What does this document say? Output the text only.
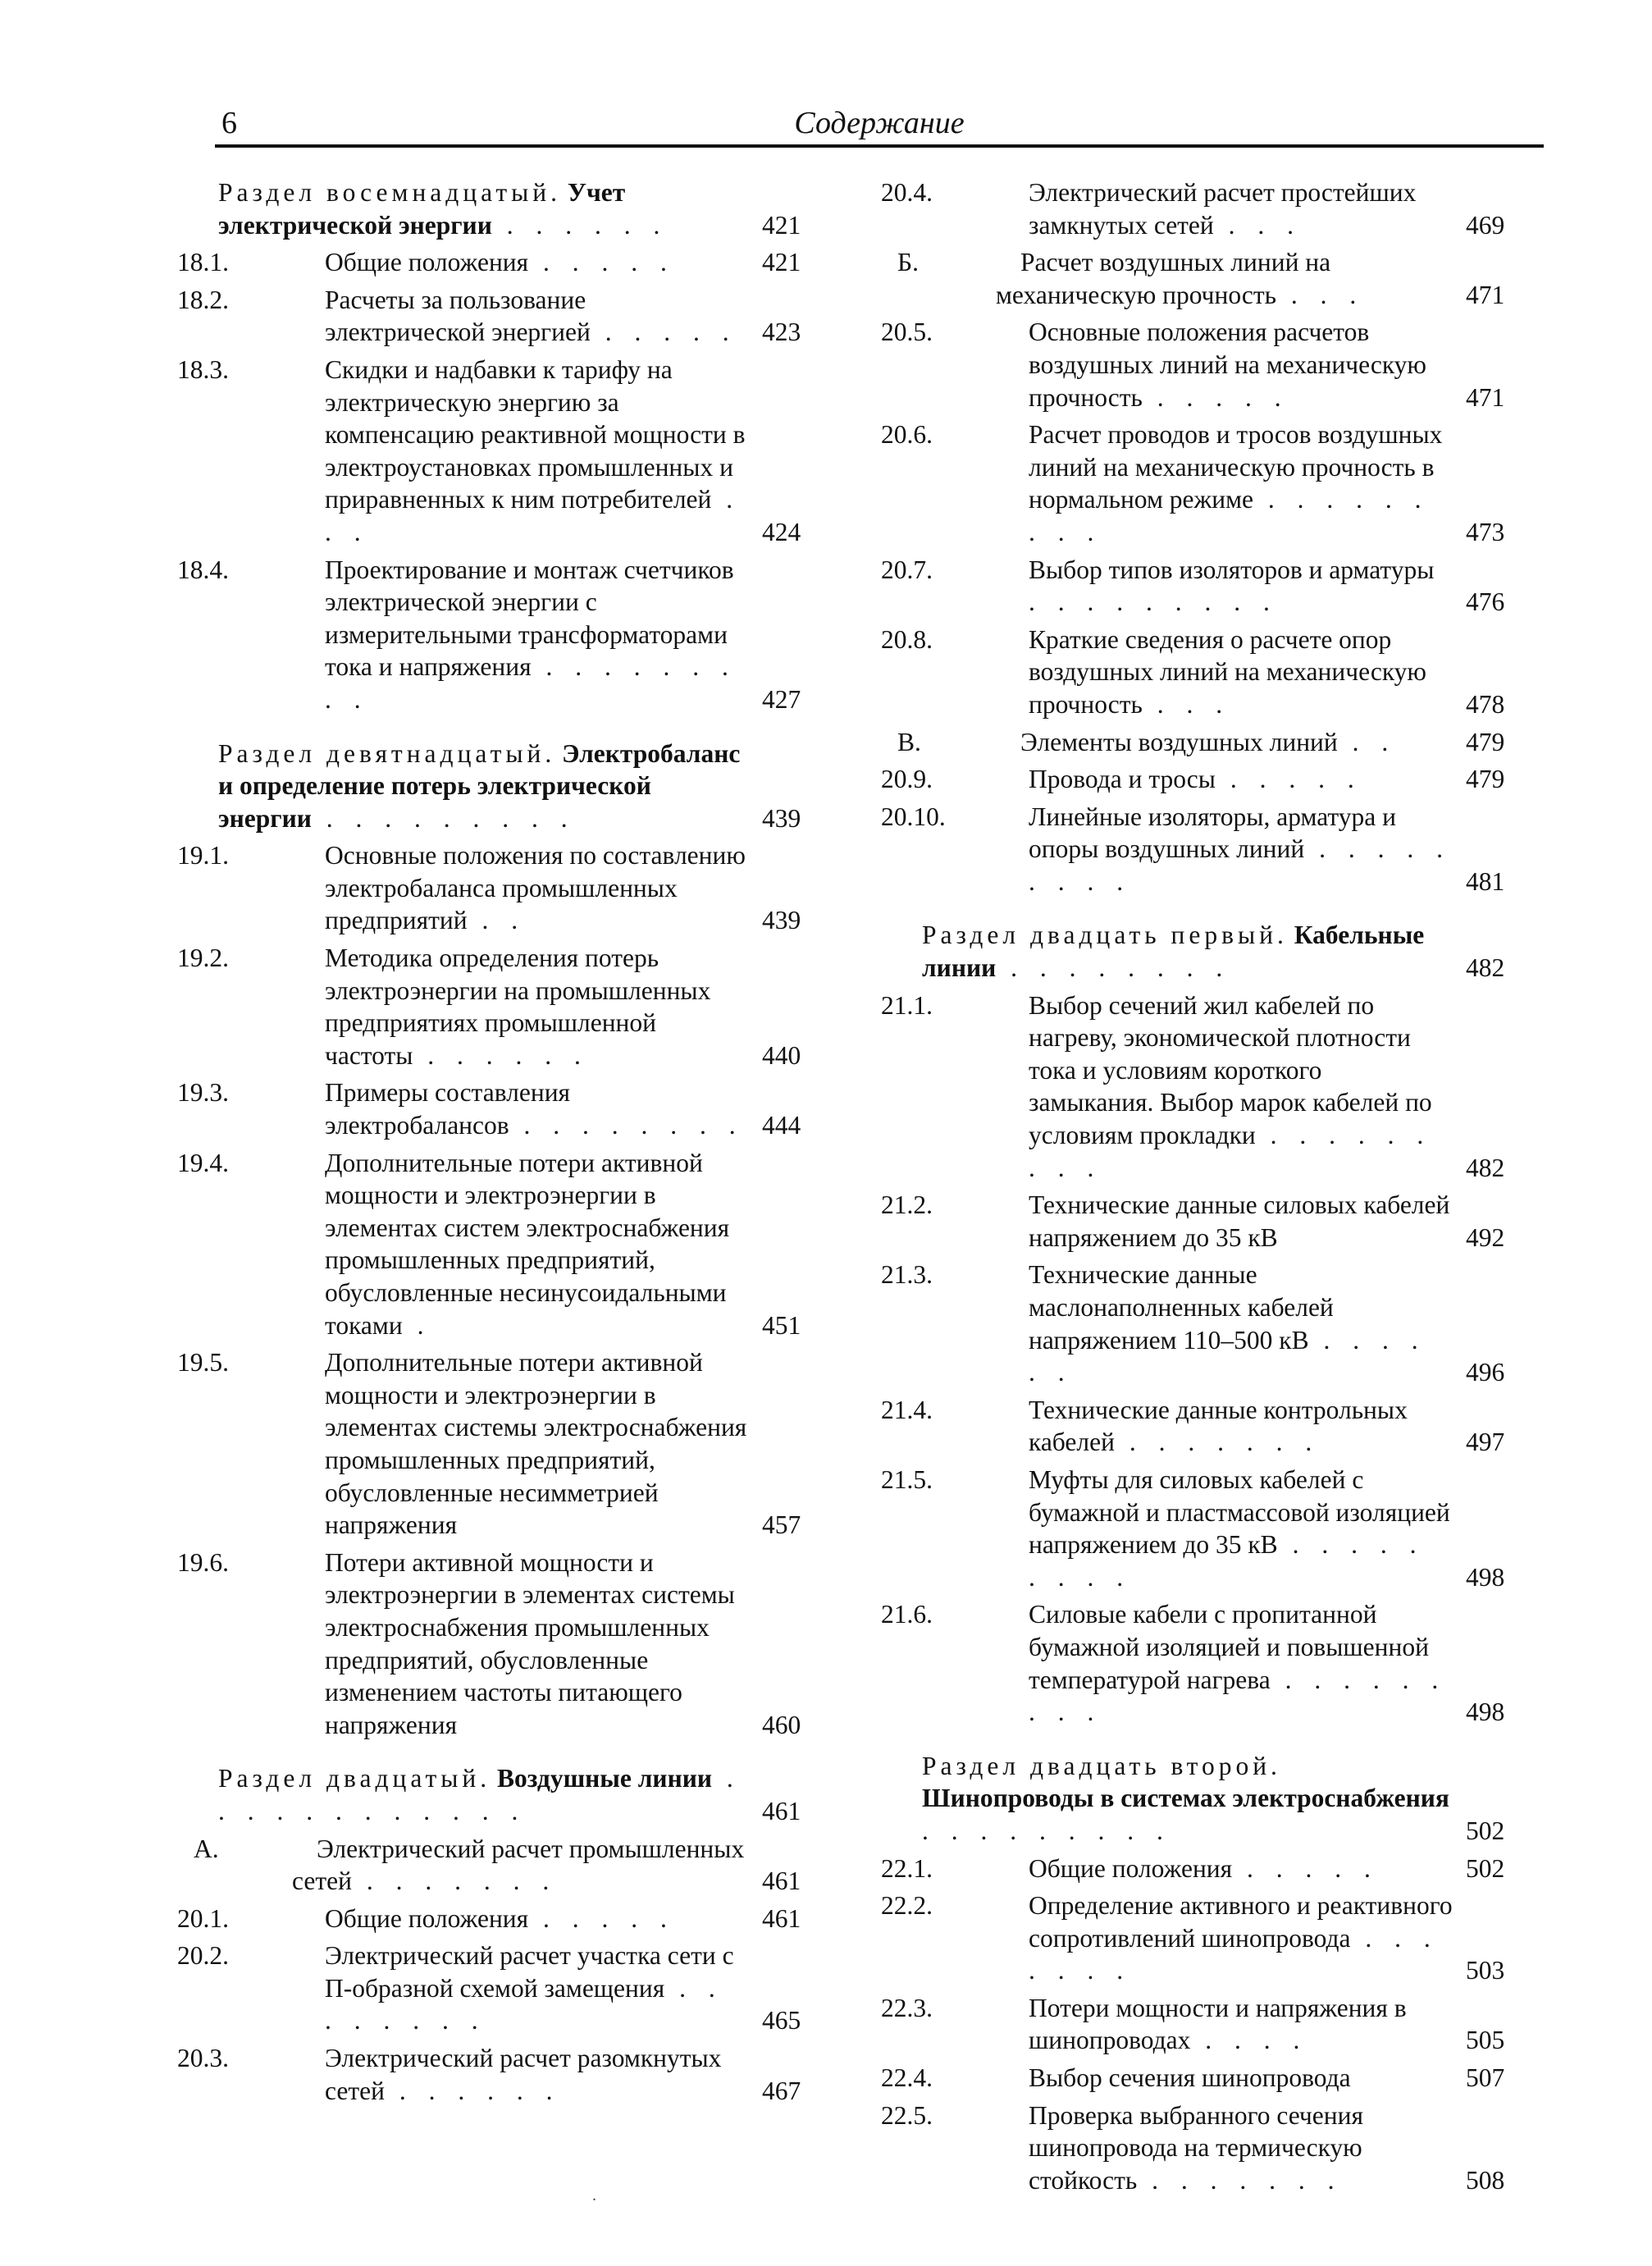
6	Содержание
Раздел восемнадцатый. Учет электрической энергии . . . . . .	421
18.1.	Общие положения . . . . .	421
18.2.	Расчеты за пользование электрической энергией . . . . . 423
18.3.	Скидки и надбавки к тарифу на электрическую энергию за компенсацию реактивной мощности в электроустановках промышленных и приравненных к ним потребителей . . .	424
18.4.	Проектирование и монтаж счетчиков электрической энергии с измерительными трансформаторами тока и напряжения . . . . . . . . .	427
Раздел девятнадцатый. Электробаланс и определение потерь электрической энергии . . . . . . . . .	439
19.1.	Основные положения по составлению электробаланса промышленных предприятий . .	439
19.2.	Методика определения потерь электроэнергии на промышленных предприятиях промышленной частоты . . . . . .	440
19.3.	Примеры составления электробалансов . . . . . . . . 444
19.4.	Дополнительные потери активной мощности и электроэнергии в элементах систем электроснабжения промышленных предприятий, обусловленные несинусоидальными токами .	451
19.5.	Дополнительные потери активной мощности и электроэнергии в элементах системы электроснабжения промышленных предприятий, обусловленные несимметрией напряжения	457
19.6.	Потери активной мощности и электроэнергии в элементах системы электроснабжения промышленных предприятий, обусловленные изменением частоты питающего напряжения	460
Раздел двадцатый. Воздушные линии . . . . . . . . . . . .	461
А.	Электрический расчет промышленных сетей . . . . . . .	461
20.1.	Общие положения . . . . .	461
20.2.	Электрический расчет участка сети с П-образной схемой замещения . . . . . . . .	465
20.3.	Электрический расчет разомкнутых сетей . . . . . .	467
20.4.	Электрический расчет простейших замкнутых сетей . . .	469
Б.	Расчет воздушных линий на механическую прочность . . .	471
20.5.	Основные положения расчетов воздушных линий на механическую прочность . . . . .	471
20.6.	Расчет проводов и тросов воздушных линий на механическую прочность в нормальном режиме . . . . . . . . .	473
20.7.	Выбор типов изоляторов и арматуры . . . . . . . . .	476
20.8.	Краткие сведения о расчете опор воздушных линий на механическую прочность . . .	478
В.	Элементы воздушных линий . .	479
20.9.	Провода и тросы . . . . .	479
20.10.	Линейные изоляторы, арматура и опоры воздушных линий . . . . . . . . .	481
Раздел двадцать первый. Кабельные линии . . . . . . . .	482
21.1.	Выбор сечений жил кабелей по нагреву, экономической плотности тока и условиям короткого замыкания. Выбор марок кабелей по условиям прокладки . . . . . . . . .	482
21.2.	Технические данные силовых кабелей напряжением до 35 кВ	492
21.3.	Технические данные маслонаполненных кабелей напряжением 110–500 кВ . . . . . .	496
21.4.	Технические данные контрольных кабелей . . . . . . .	497
21.5.	Муфты для силовых кабелей с бумажной и пластмассовой изоляцией напряжением до 35 кВ . . . . . . . . .	498
21.6.	Силовые кабели с пропитанной бумажной изоляцией и повышенной температурой нагрева . . . . . . . . .	498
Раздел двадцать второй. Шинопроводы в системах электроснабжения . . . . . . . . .	502
22.1.	Общие положения . . . . .	502
22.2.	Определение активного и реактивного сопротивлений шинопровода . . . . . . .	503
22.3.	Потери мощности и напряжения в шинопроводах . . . .	505
22.4.	Выбор сечения шинопровода	507
22.5.	Проверка выбранного сечения шинопровода на термическую стойкость . . . . . . .	508
.
